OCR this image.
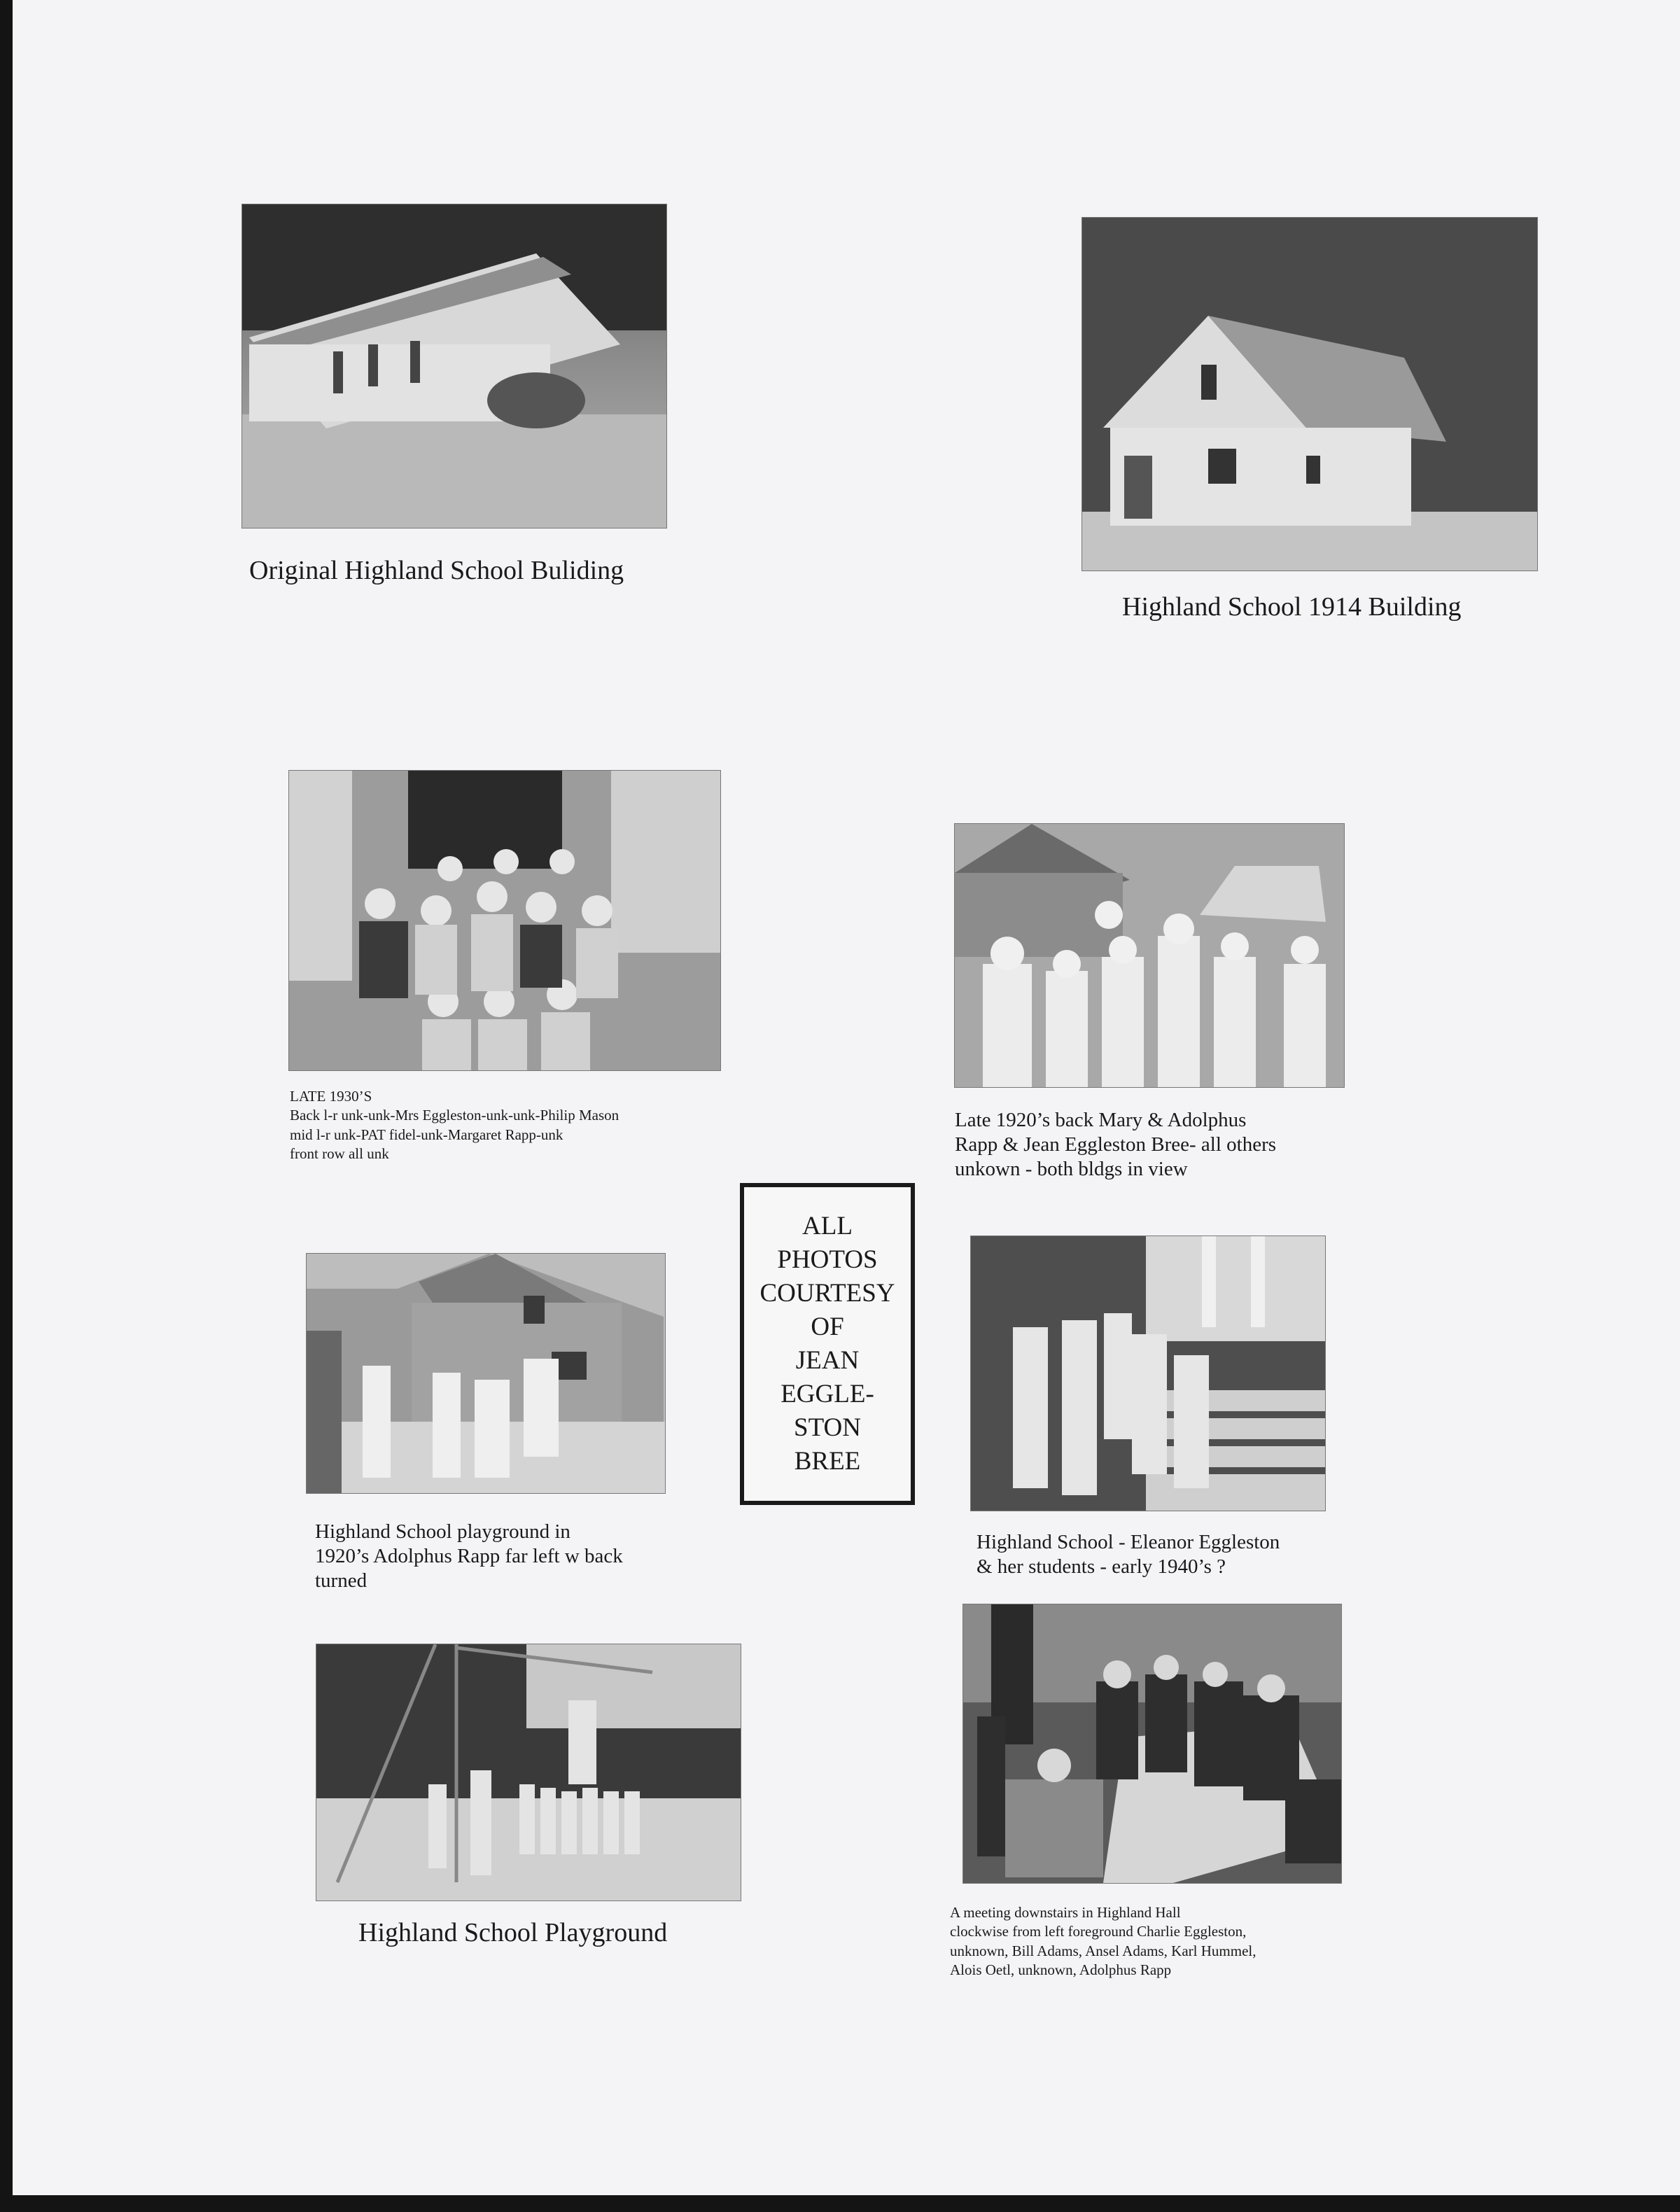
Original Highland School Buliding
Highland School 1914 Building
LATE 1930’S
Back l-r unk-unk-Mrs Eggleston-unk-unk-Philip Mason
mid l-r unk-PAT fidel-unk-Margaret Rapp-unk
front row all unk
Late 1920’s back Mary & Adolphus
Rapp & Jean Eggleston Bree- all others
unkown - both bldgs in view
ALL
PHOTOS
COURTESY
OF
JEAN
EGGLE-
STON
BREE
Highland School playground in
1920’s Adolphus Rapp far left w back
turned
Highland School - Eleanor Eggleston
& her students - early 1940’s ?
Highland School Playground
A meeting downstairs in Highland Hall
clockwise from left foreground Charlie Eggleston,
unknown, Bill Adams, Ansel Adams, Karl Hummel,
Alois Oetl, unknown, Adolphus Rapp
